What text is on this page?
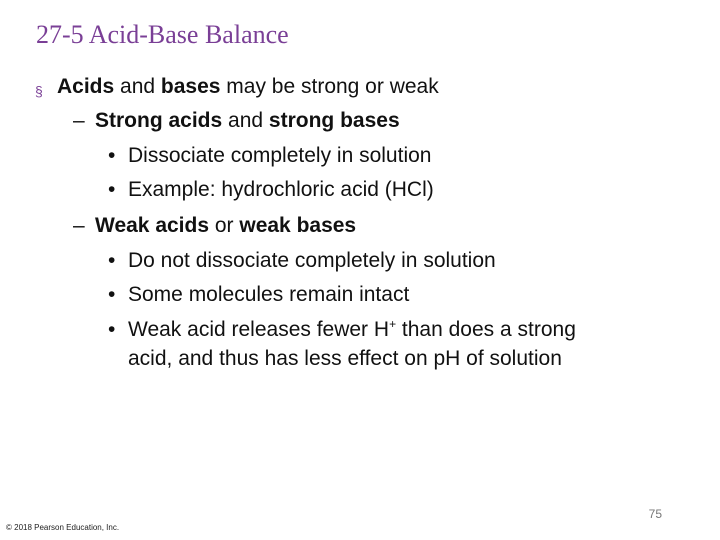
27-5 Acid-Base Balance
§ Acids and bases may be strong or weak
– Strong acids and strong bases
• Dissociate completely in solution
• Example: hydrochloric acid (HCl)
– Weak acids or weak bases
• Do not dissociate completely in solution
• Some molecules remain intact
• Weak acid releases fewer H+ than does a strong
acid, and thus has less effect on pH of solution
75
© 2018 Pearson Education, Inc.
